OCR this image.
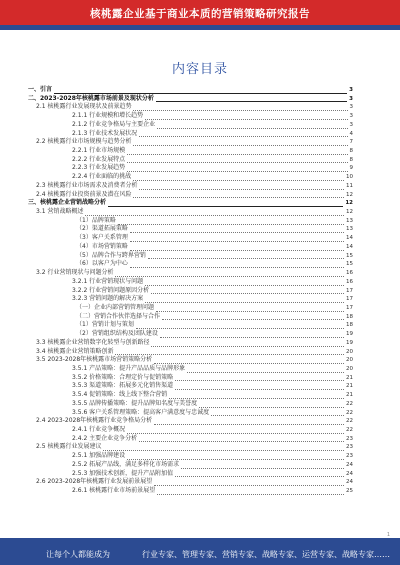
核桃露企业基于商业本质的营销策略研究报告
内容目录
一、引言	3
二、2023-2028年核桃露市场前景及现状分析	3
2.1 核桃露行业发展现状及前景趋势	3
2.1.1 行业规模和增长趋势	3
2.1.2 行业竞争格局与主要企业	3
2.1.3 行业技术发展状况	4
2.2 核桃露行业市场规模与趋势分析	7
2.2.1 行业市场规模	8
2.2.2 行业发展特点	8
2.2.3 行业发展趋势	9
2.2.4 行业面临的挑战	10
2.3 核桃露行业市场需求及消费者分析	11
2.4 核桃露行业投资前景及潜在风险	12
三、核桃露企业营销战略分析	12
3.1 营销战略概述	12
（1）品牌策略	13
（2）渠道拓展策略	13
（3）客户关系管理	14
（4）市场营销策略	14
（5）品牌合作与跨界营销	15
（6）以客户为中心	15
3.2 行业营销现状与问题分析	16
3.2.1 行业营销现状与问题	16
3.2.2 行业营销问题原因分析	17
3.2.3 营销问题的解决方案	17
（一）企业内部营销管理问题	17
（二）营销合作伙伴选择与合作	18
（1）营销计划与策划	18
（2）营销组织结构及团队建设	19
3.3 核桃露企业营销数字化转型与创新路径	19
3.4 核桃露企业营销策略创新	20
3.5 2023-2028年核桃露市场营销策略分析	20
3.5.1 产品策略：提升产品品质与品牌形象	20
3.5.2 价格策略：合理定价与促销策略	21
3.5.3 渠道策略：拓展多元化销售渠道	21
3.5.4 促销策略：线上线下整合营销	21
3.5.5 品牌传播策略：提升品牌知名度与美誉度	22
3.5.6 客户关系管理策略：提高客户满意度与忠诚度	22
2.4 2023-2028年核桃露行业竞争格局分析	22
2.4.1 行业竞争概况	22
2.4.2 主要企业竞争分析	23
2.5 核桃露行业发展建议	23
2.5.1 加强品牌建设	23
2.5.2 拓展产品线，满足多样化市场需求	24
2.5.3 加强技术创新，提升产品附加值	24
2.6 2023-2028年核桃露行业发展前景展望	24
2.6.1 核桃露行业市场前景展望	25
1
让每个人都能成为	行业专家、管理专家、营销专家、战略专家、运营专家、战略专家……
